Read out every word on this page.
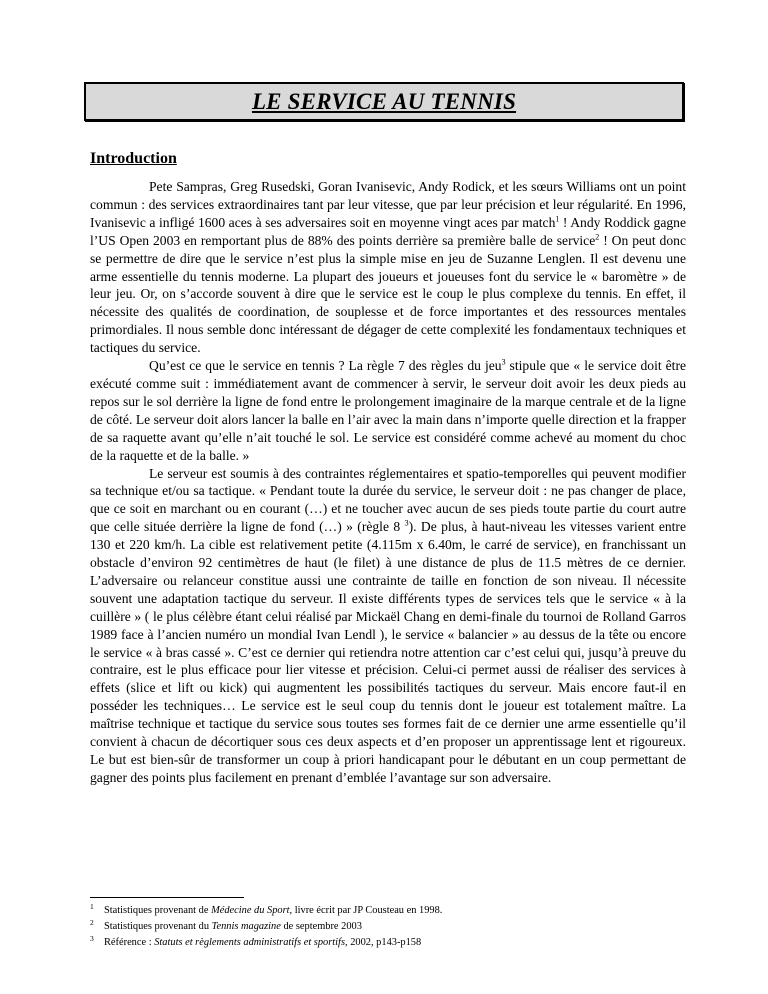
LE SERVICE AU TENNIS
Introduction

Pete Sampras, Greg Rusedski, Goran Ivanisevic, Andy Rodick, et les sœurs Williams ont un point commun : des services extraordinaires tant par leur vitesse, que par leur précision et leur régularité. En 1996, Ivanisevic a infligé 1600 aces à ses adversaires soit en moyenne vingt aces par match$^1$ ! Andy Roddick gagne l’US Open 2003 en remportant plus de 88% des points derrière sa première balle de service$^2$ ! On peut donc se permettre de dire que le service n’est plus la simple mise en jeu de Suzanne Lenglen. Il est devenu une arme essentielle du tennis moderne. La plupart des joueurs et joueuses font du service le « baromètre » de leur jeu. Or, on s’accorde souvent à dire que le service est le coup le plus complexe du tennis. En effet, il nécessite des qualités de coordination, de souplesse et de force importantes et des ressources mentales primordiales. Il nous semble donc intéressant de dégager de cette complexité les fondamentaux techniques et tactiques du service.

Qu’est ce que le service en tennis ? La règle 7 des règles du jeu$^3$ stipule que « le service doit être exécuté comme suit : immédiatement avant de commencer à servir, le serveur doit avoir les deux pieds au repos sur le sol derrière la ligne de fond entre le prolongement imaginaire de la marque centrale et de la ligne de côté. Le serveur doit alors lancer la balle en l’air avec la main dans n’importe quelle direction et la frapper de sa raquette avant qu’elle n’ait touché le sol. Le service est considéré comme achevé au moment du choc de la raquette et de la balle. »

Le serveur est soumis à des contraintes réglementaires et spatio-temporelles qui peuvent modifier sa technique et/ou sa tactique. « Pendant toute la durée du service, le serveur doit : ne pas changer de place, que ce soit en marchant ou en courant (…) et ne toucher avec aucun de ses pieds toute partie du court autre que celle située derrière la ligne de fond (…) » (règle 8 $^3$). De plus, à haut-niveau les vitesses varient entre 130 et 220 km/h. La cible est relativement petite (4.115m x 6.40m, le carré de service), en franchissant un obstacle d’environ 92 centimètres de haut (le filet) à une distance de plus de 11.5 mètres de ce dernier. L’adversaire ou relanceur constitue aussi une contrainte de taille en fonction de son niveau. Il nécessite souvent une adaptation tactique du serveur. Il existe différents types de services tels que le service « à la cuillère » ( le plus célèbre étant celui réalisé par Mickaël Chang en demi-finale du tournoi de Rolland Garros 1989 face à l’ancien numéro un mondial Ivan Lendl ), le service « balancier » au dessus de la tête ou encore le service « à bras cassé ». C’est ce dernier qui retiendra notre attention car c’est celui qui, jusqu’à preuve du contraire, est le plus efficace pour lier vitesse et précision. Celui-ci permet aussi de réaliser des services à effets (slice et lift ou kick) qui augmentent les possibilités tactiques du serveur. Mais encore faut-il en posséder les techniques… Le service est le seul coup du tennis dont le joueur est totalement maître. La maîtrise technique et tactique du service sous toutes ses formes fait de ce dernier une arme essentielle qu’il convient à chacun de décortiquer sous ces deux aspects et d’en proposer un apprentissage lent et rigoureux. Le but est bien-sûr de transformer un coup à priori handicapant pour le débutant en un coup permettant de gagner des points plus facilement en prenant d’emblée l’avantage sur son adversaire.

1 Statistiques provenant de Médecine du Sport, livre écrit par JP Cousteau en 1998.
2 Statistiques provenant du Tennis magazine de septembre 2003
3 Référence : Statuts et règlements administratifs et sportifs, 2002, p143-p158
